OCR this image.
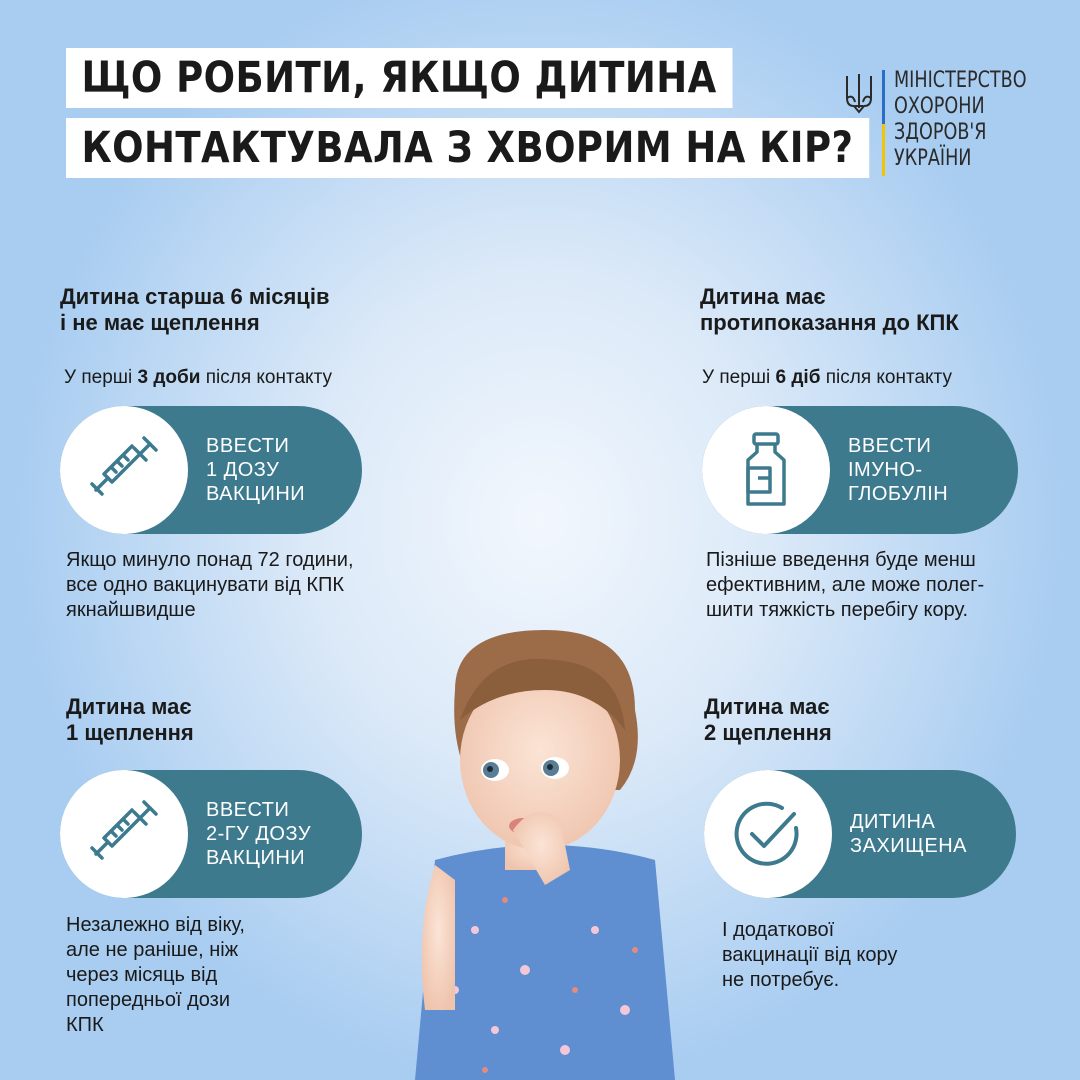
ЩО РОБИТИ, ЯКЩО ДИТИНА
КОНТАКТУВАЛА З ХВОРИМ НА КІР?
МІНІСТЕРСТВО
ОХОРОНИ
ЗДОРОВ'Я
УКРАЇНИ
Дитина старша 6 місяців
і не має щеплення
У перші 3 доби після контакту
ВВЕСТИ
1 ДОЗУ
ВАКЦИНИ
Якщо минуло понад 72 години,
все одно вакцинувати від КПК
якнайшвидше
Дитина має
протипоказання до КПК
У перші 6 діб після контакту
ВВЕСТИ
ІМУНО-
ГЛОБУЛІН
Пізніше введення буде менш
ефективним, але може полег-
шити тяжкість перебігу кору.
Дитина має
1 щеплення
ВВЕСТИ
2-ГУ ДОЗУ
ВАКЦИНИ
Незалежно від віку,
але не раніше, ніж
через місяць від
попередньої дози
КПК
Дитина має
2 щеплення
ДИТИНА
ЗАХИЩЕНА
І додаткової
вакцинації від кору
не потребує.
